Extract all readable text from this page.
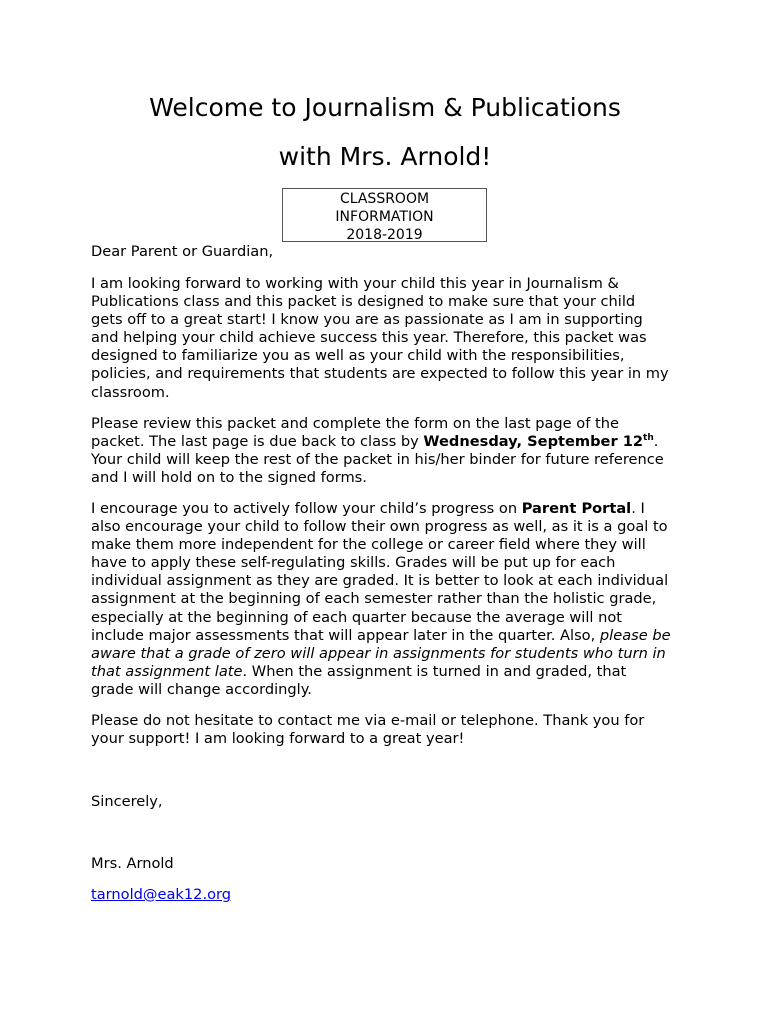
Welcome to Journalism & Publications
with Mrs. Arnold!
CLASSROOM
INFORMATION
2018-2019

Dear Parent or Guardian,

I am looking forward to working with your child this year in Journalism & Publications class and this packet is designed to make sure that your child gets off to a great start! I know you are as passionate as I am in supporting and helping your child achieve success this year. Therefore, this packet was designed to familiarize you as well as your child with the responsibilities, policies, and requirements that students are expected to follow this year in my classroom.

Please review this packet and complete the form on the last page of the packet. The last page is due back to class by Wednesday, September 12th. Your child will keep the rest of the packet in his/her binder for future reference and I will hold on to the signed forms.

I encourage you to actively follow your child’s progress on Parent Portal. I also encourage your child to follow their own progress as well, as it is a goal to make them more independent for the college or career field where they will have to apply these self-regulating skills. Grades will be put up for each individual assignment as they are graded. It is better to look at each individual assignment at the beginning of each semester rather than the holistic grade, especially at the beginning of each quarter because the average will not include major assessments that will appear later in the quarter. Also, please be aware that a grade of zero will appear in assignments for students who turn in that assignment late. When the assignment is turned in and graded, that grade will change accordingly.

Please do not hesitate to contact me via e-mail or telephone. Thank you for your support! I am looking forward to a great year!

Sincerely,

Mrs. Arnold

tarnold@eak12.org
